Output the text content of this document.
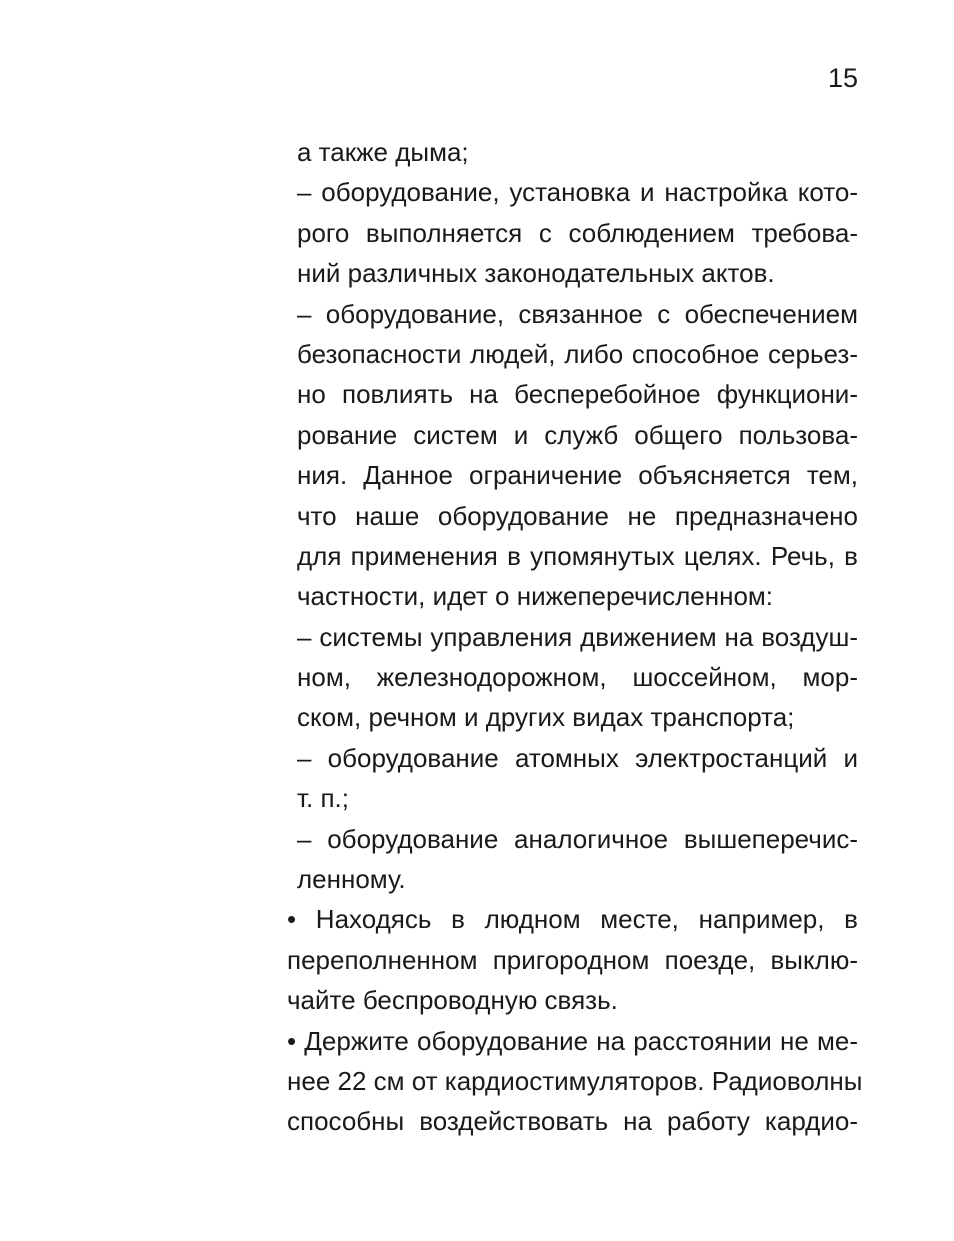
15
а также дыма;
– оборудование, установка и настройка кото-
рого выполняется с соблюдением требова-
ний различных законодательных актов.
– оборудование, связанное с обеспечением
безопасности людей, либо способное серьез-
но повлиять на бесперебойное функциони-
рование систем и служб общего пользова-
ния. Данное ограничение объясняется тем,
что наше оборудование не предназначено
для применения в упомянутых целях. Речь, в
частности, идет о нижеперечисленном:
– системы управления движением на воздуш-
ном, железнодорожном, шоссейном, мор-
ском, речном и других видах транспорта;
– оборудование атомных электростанций и
т. п.;
– оборудование аналогичное вышеперечис-
ленному.
• Находясь в людном месте, например, в
переполненном пригородном поезде, выклю-
чайте беспроводную связь.
• Держите оборудование на расстоянии не ме-
нее 22 см от кардиостимуляторов. Радиоволны
способны воздействовать на работу кардио-
